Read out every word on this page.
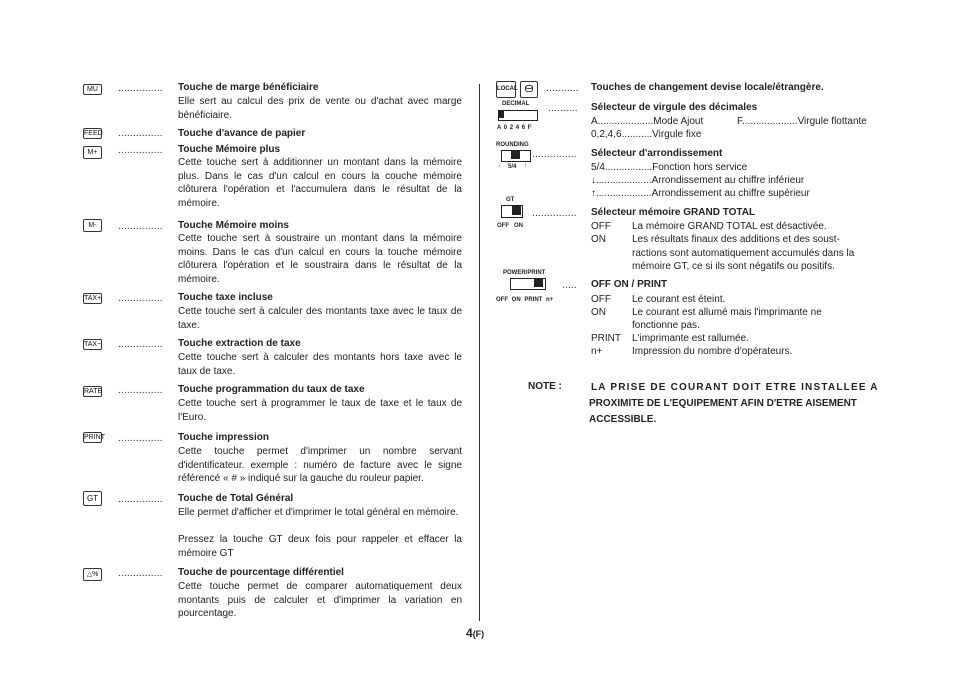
MU	............... Touche de marge bénéficiaire
Elle sert au calcul des prix de vente ou d'achat avec marge bénéficiaire.
FEED ............... Touche d'avance de papier
M+	............... Touche Mémoire plus
Cette touche sert à additionner un montant dans la mémoire plus. Dans le cas d'un calcul en cours la couche mémoire clôturera l'opération et l'accumulera dans le résultat de la mémoire.
M-	............... Touche Mémoire moins
Cette touche sert à soustraire un montant dans la mémoire moins. Dans le cas d'un calcul en cours la touche mémoire clôturera l'opération et le soustraira dans le résultat de la mémoire.
TAX+ ............... Touche taxe incluse
Cette touche sert à calculer des montants taxe avec le taux de taxe.
TAX− ............... Touche extraction de taxe
Cette touche sert à calculer des montants hors taxe avec le taux de taxe.
RATE ............... Touche programmation du taux de taxe
Cette touche sert à programmer le taux de taxe et le taux de l'Euro.
PRINT ............... Touche impression
Cette touche permet d'imprimer un nombre servant d'identificateur. exemple : numéro de facture avec le signe référencé « # » indiqué sur la gauche du rouleur papier.
GT	............... Touche de Total Général
Elle permet d'afficher et d'imprimer le total général en mémoire.
Pressez la touche GT deux fois pour rappeler et effacer la mémoire GT
△%	............... Touche de pourcentage différentiel
Cette touche permet de comparer automatiquement deux montants puis de calculer et d'imprimer la variation en pourcentage.
LOCAL	........... Touches de changement devise locale/étrangère.
DECIMAL
A 0 2 4 6 F
.......... Sélecteur de virgule des décimales
A....................Mode Ajout	F....................Virgule flottante
0,2,4,6...........Virgule fixe
ROUNDING
↓ 5/4 ↑
............... Sélecteur d'arrondissement
5/4.................Fonction hors service
↓....................Arrondissement au chiffre inférieur
↑....................Arrondissement au chiffre supérieur
GT
OFF ON
............... Sélecteur mémoire GRAND TOTAL
OFF La mémoire GRAND TOTAL est désactivée.
ON	Les résultats finaux des additions et des soust-
ractions sont automatiquement accumulés dans la
mémoire GT, ce si ils sont négatifs ou positifs.
POWER/PRINT
OFF ON PRINT n+
..... OFF ON / PRINT
OFF Le courant est éteint.
ON	Le courant est allumé mais l'imprimante ne
fonctionne pas.
PRINT L'imprimante est rallumée.
n+	Impression du nombre d'opérateurs.
NOTE :	LA PRISE DE COURANT DOIT ETRE INSTALLEE A
PROXIMITE DE L'EQUIPEMENT AFIN D'ETRE AISEMENT
ACCESSIBLE.
4(F)
